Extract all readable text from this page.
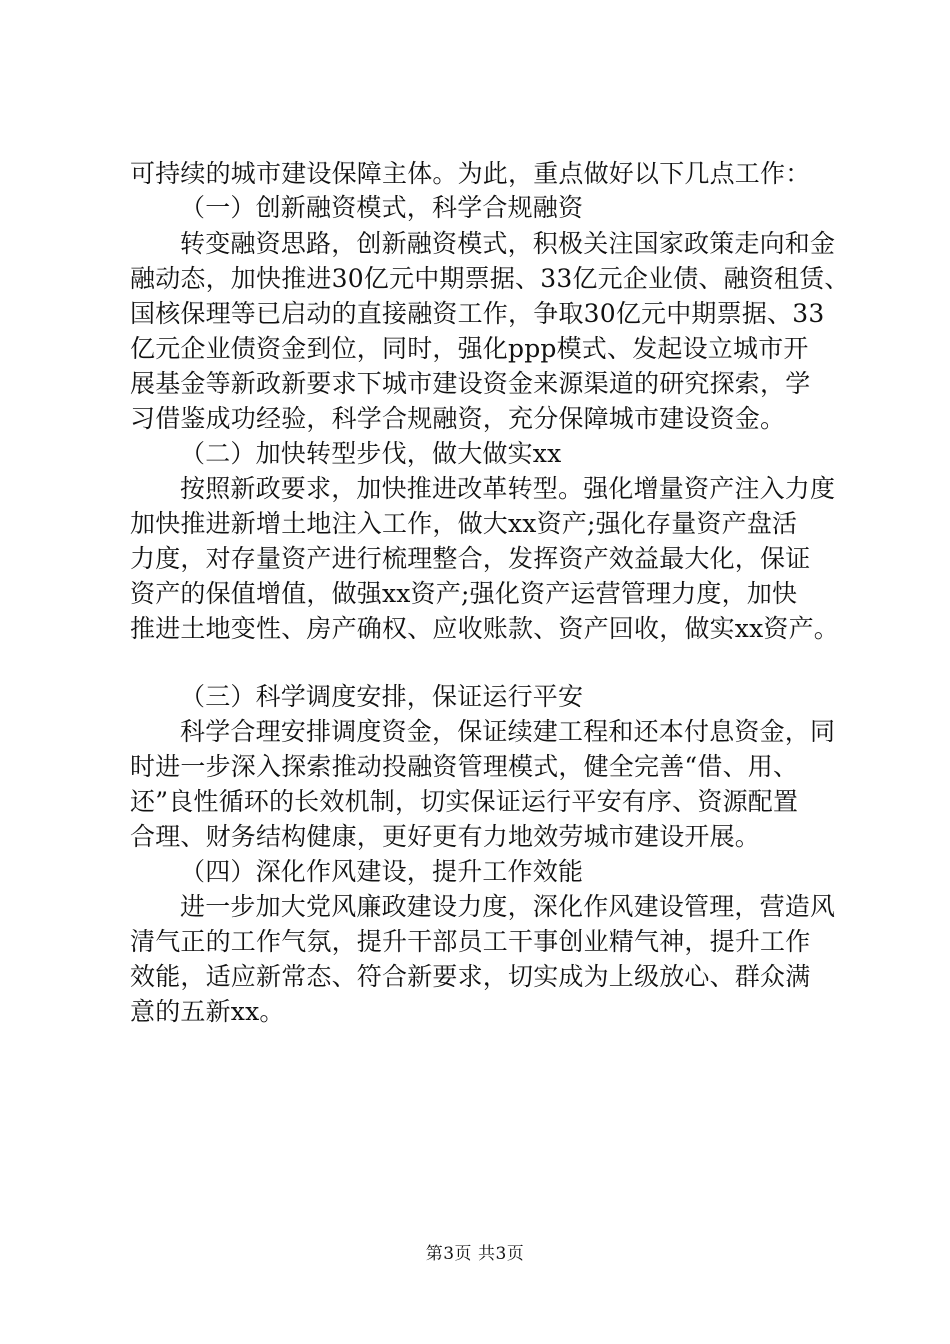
可持续的城市建设保障主体。为此，重点做好以下几点工作：
（一）创新融资模式，科学合规融资
转变融资思路，创新融资模式，积极关注国家政策走向和金
融动态，加快推进30亿元中期票据、33亿元企业债、融资租赁、
国核保理等已启动的直接融资工作，争取30亿元中期票据、33
亿元企业债资金到位，同时，强化ppp模式、发起设立城市开
展基金等新政新要求下城市建设资金来源渠道的研究探索，学
习借鉴成功经验，科学合规融资，充分保障城市建设资金。
（二）加快转型步伐，做大做实xx
按照新政要求，加快推进改革转型。强化增量资产注入力度
加快推进新增土地注入工作，做大xx资产;强化存量资产盘活
力度，对存量资产进行梳理整合，发挥资产效益最大化，保证
资产的保值增值，做强xx资产;强化资产运营管理力度，加快
推进土地变性、房产确权、应收账款、资产回收，做实xx资产。
（三）科学调度安排，保证运行平安
科学合理安排调度资金，保证续建工程和还本付息资金，同
时进一步深入探索推动投融资管理模式，健全完善“借、用、
还”良性循环的长效机制，切实保证运行平安有序、资源配置
合理、财务结构健康，更好更有力地效劳城市建设开展。
（四）深化作风建设，提升工作效能
进一步加大党风廉政建设力度，深化作风建设管理，营造风
清气正的工作气氛，提升干部员工干事创业精气神，提升工作
效能，适应新常态、符合新要求，切实成为上级放心、群众满
意的五新xx。
第3页 共3页
